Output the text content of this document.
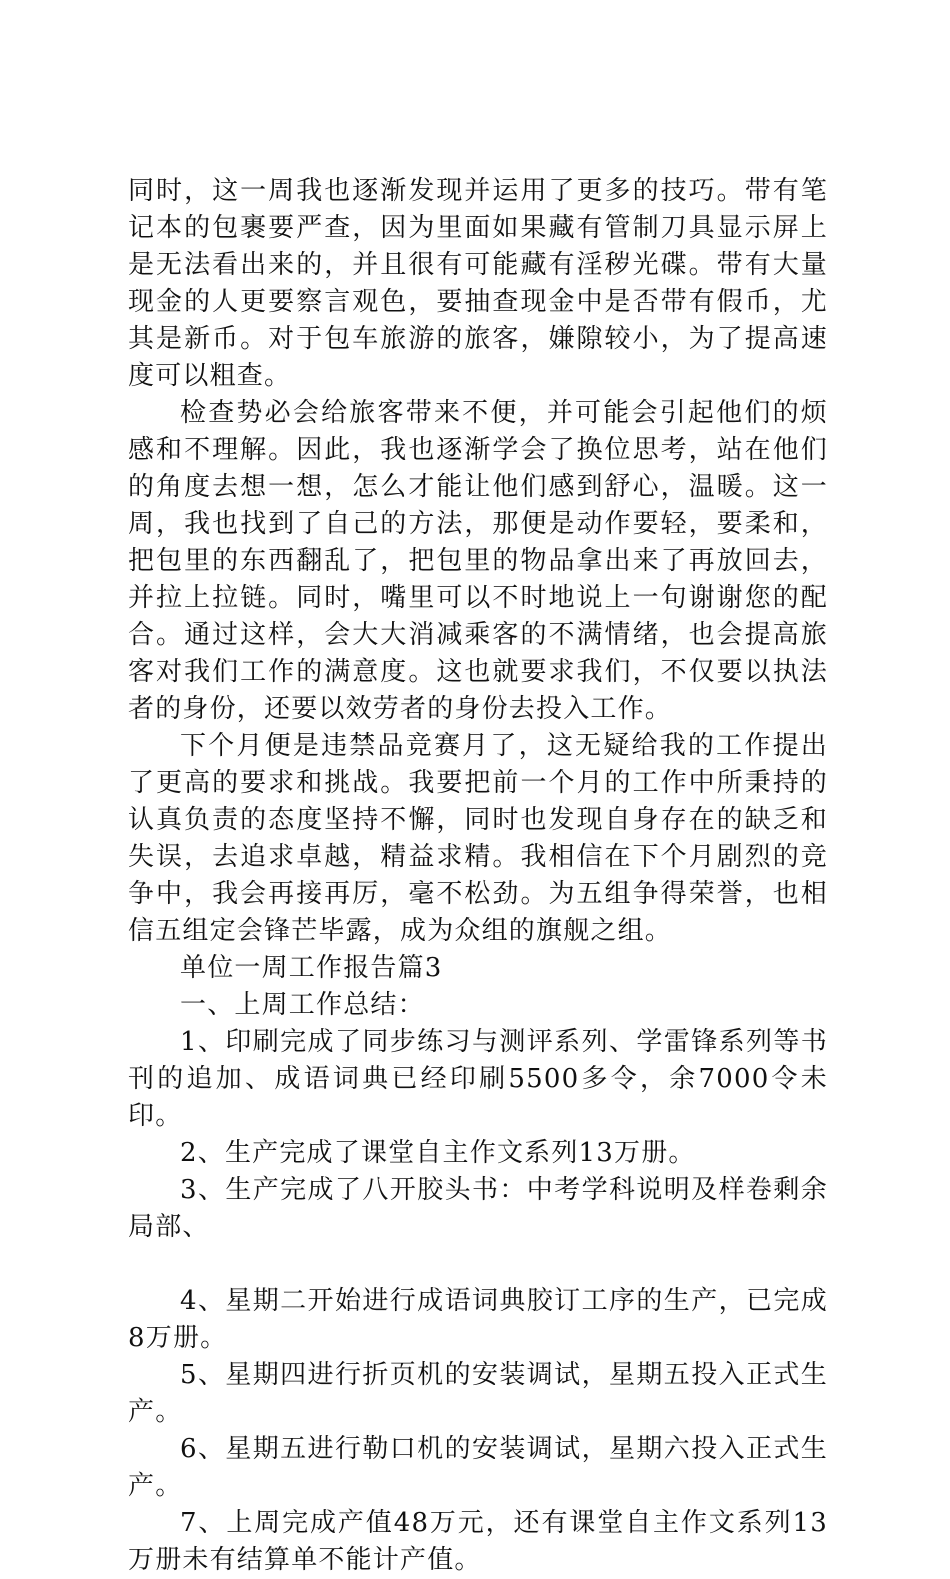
同时，这一周我也逐渐发现并运用了更多的技巧。带有笔记本的包裹要严查，因为里面如果藏有管制刀具显示屏上是无法看出来的，并且很有可能藏有淫秽光碟。带有大量现金的人更要察言观色，要抽查现金中是否带有假币，尤其是新币。对于包车旅游的旅客，嫌隙较小，为了提高速度可以粗查。

检查势必会给旅客带来不便，并可能会引起他们的烦感和不理解。因此，我也逐渐学会了换位思考，站在他们的角度去想一想，怎么才能让他们感到舒心，温暖。这一周，我也找到了自己的方法，那便是动作要轻，要柔和，把包里的东西翻乱了，把包里的物品拿出来了再放回去，并拉上拉链。同时，嘴里可以不时地说上一句谢谢您的配合。通过这样，会大大消减乘客的不满情绪，也会提高旅客对我们工作的满意度。这也就要求我们，不仅要以执法者的身份，还要以效劳者的身份去投入工作。

下个月便是违禁品竞赛月了，这无疑给我的工作提出了更高的要求和挑战。我要把前一个月的工作中所秉持的认真负责的态度坚持不懈，同时也发现自身存在的缺乏和失误，去追求卓越，精益求精。我相信在下个月剧烈的竞争中，我会再接再厉，毫不松劲。为五组争得荣誉，也相信五组定会锋芒毕露，成为众组的旗舰之组。

单位一周工作报告篇3

一、上周工作总结：

1、印刷完成了同步练习与测评系列、学雷锋系列等书刊的追加、成语词典已经印刷5500多令，余7000令未印。

2、生产完成了课堂自主作文系列13万册。

3、生产完成了八开胶头书：中考学科说明及样卷剩余局部、

4、星期二开始进行成语词典胶订工序的生产，已完成8万册。

5、星期四进行折页机的安装调试，星期五投入正式生产。

6、星期五进行勒口机的安装调试，星期六投入正式生产。

7、上周完成产值48万元，还有课堂自主作文系列13万册未有结算单不能计产值。
